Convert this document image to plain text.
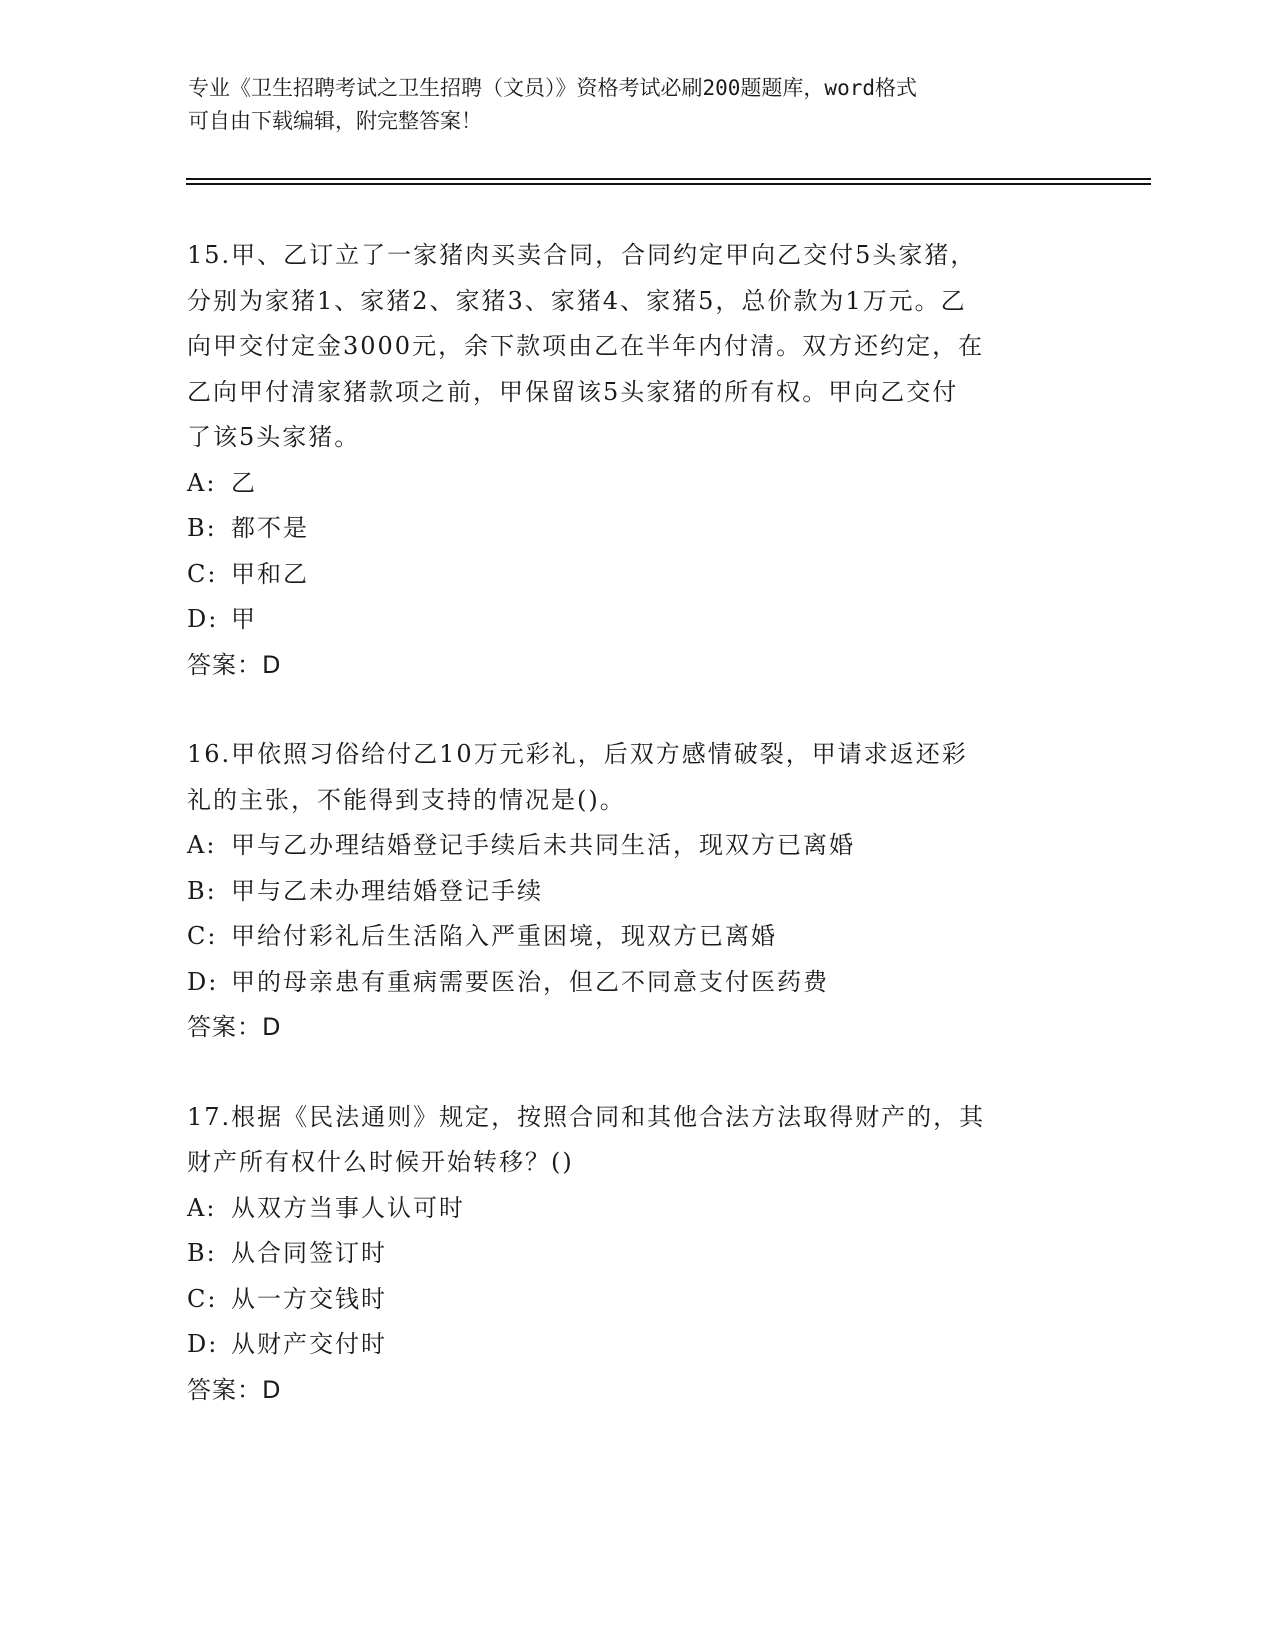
专业《卫生招聘考试之卫生招聘（文员）》资格考试必刷200题题库，word格式
可自由下载编辑，附完整答案！
15.甲、乙订立了一家猪肉买卖合同，合同约定甲向乙交付5头家猪，
分别为家猪1、家猪2、家猪3、家猪4、家猪5，总价款为1万元。乙
向甲交付定金3000元，余下款项由乙在半年内付清。双方还约定，在
乙向甲付清家猪款项之前，甲保留该5头家猪的所有权。甲向乙交付
了该5头家猪。
A: 乙
B: 都不是
C: 甲和乙
D: 甲
答案：D
16.甲依照习俗给付乙10万元彩礼，后双方感情破裂，甲请求返还彩
礼的主张，不能得到支持的情况是()。
A: 甲与乙办理结婚登记手续后未共同生活，现双方已离婚
B: 甲与乙未办理结婚登记手续
C: 甲给付彩礼后生活陷入严重困境，现双方已离婚
D: 甲的母亲患有重病需要医治，但乙不同意支付医药费
答案：D
17.根据《民法通则》规定，按照合同和其他合法方法取得财产的，其
财产所有权什么时候开始转移？()
A: 从双方当事人认可时
B: 从合同签订时
C: 从一方交钱时
D: 从财产交付时
答案：D
